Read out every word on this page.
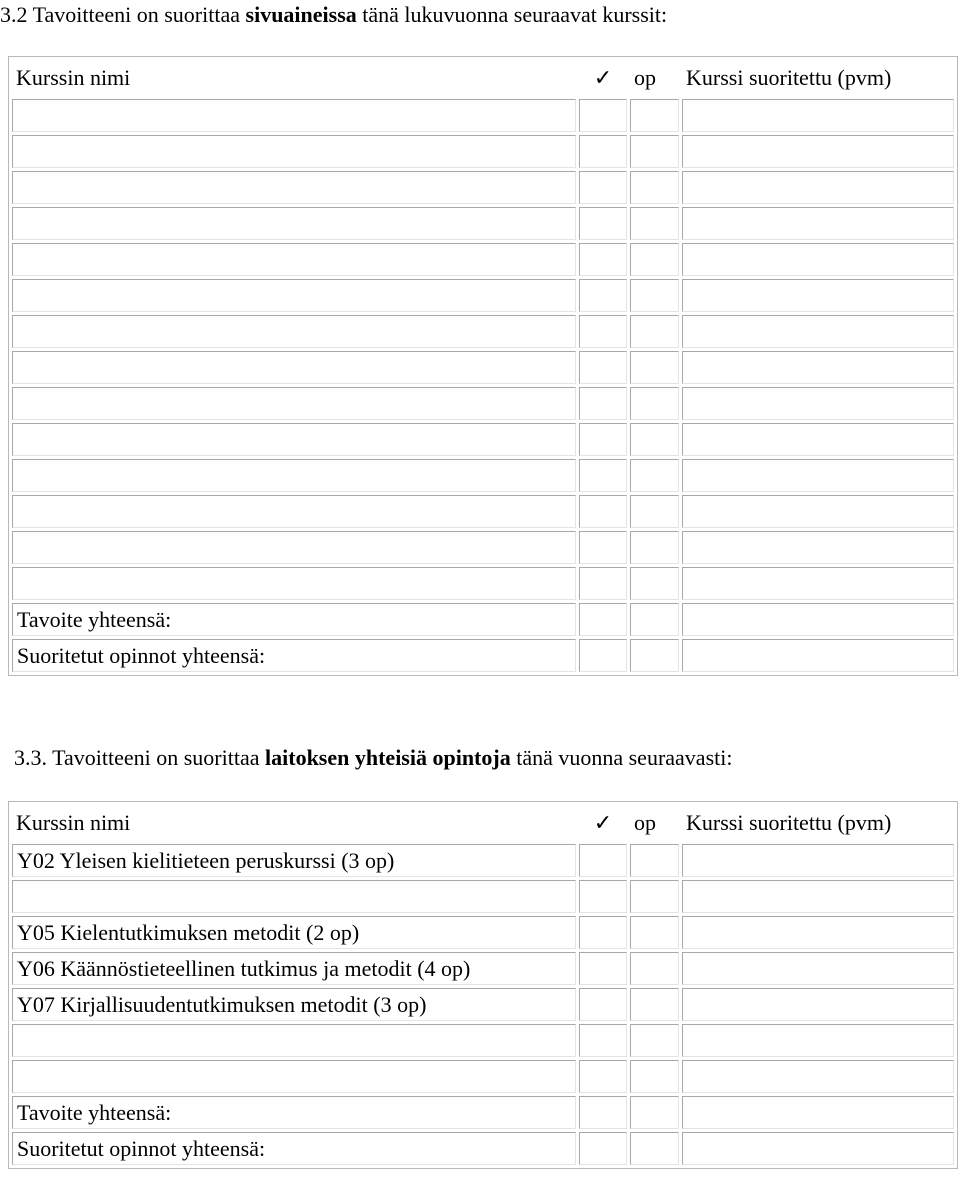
3.2 Tavoitteeni on suorittaa sivuaineissa tänä lukuvuonna seuraavat kurssit:
Kurssin nimi	✓	op	Kurssi suoritettu (pvm)

Tavoite yhteensä:			
Suoritetut opinnot yhteensä:			
3.3. Tavoitteeni on suorittaa laitoksen yhteisiä opintoja tänä vuonna seuraavasti:
Kurssin nimi	✓	op	Kurssi suoritettu (pvm)
Y02 Yleisen kielitieteen peruskurssi (3 op)			

Y05 Kielentutkimuksen metodit (2 op)			
Y06 Käännöstieteellinen tutkimus ja metodit (4 op)			
Y07 Kirjallisuudentutkimuksen metodit (3 op)			

Tavoite yhteensä:			
Suoritetut opinnot yhteensä:			
